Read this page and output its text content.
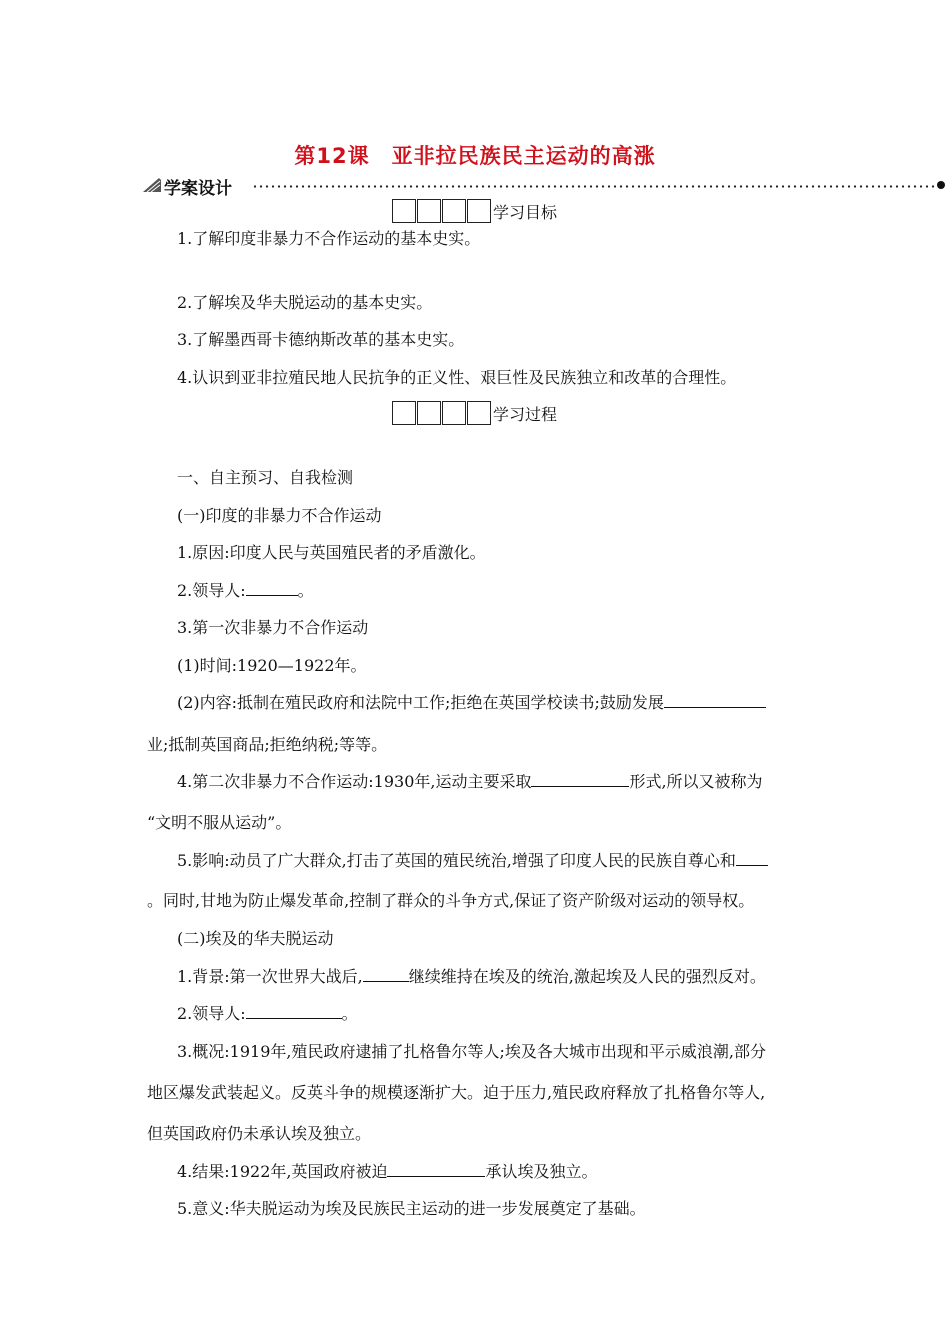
第12课　亚非拉民族民主运动的高涨
学案设计
学习目标
1.了解印度非暴力不合作运动的基本史实。
2.了解埃及华夫脱运动的基本史实。
3.了解墨西哥卡德纳斯改革的基本史实。
4.认识到亚非拉殖民地人民抗争的正义性、艰巨性及民族独立和改革的合理性。
学习过程
一、自主预习、自我检测
(一)印度的非暴力不合作运动
1.原因:印度人民与英国殖民者的矛盾激化。
2.领导人:	。
3.第一次非暴力不合作运动
(1)时间:1920—1922年。
(2)内容:抵制在殖民政府和法院中工作;拒绝在英国学校读书;鼓励发展
业;抵制英国商品;拒绝纳税;等等。
4.第二次非暴力不合作运动:1930年,运动主要采取	形式,所以又被称为
“文明不服从运动”。
5.影响:动员了广大群众,打击了英国的殖民统治,增强了印度人民的民族自尊心和
。同时,甘地为防止爆发革命,控制了群众的斗争方式,保证了资产阶级对运动的领导权。
(二)埃及的华夫脱运动
1.背景:第一次世界大战后,	继续维持在埃及的统治,激起埃及人民的强烈反对。
2.领导人:	。
3.概况:1919年,殖民政府逮捕了扎格鲁尔等人;埃及各大城市出现和平示威浪潮,部分
地区爆发武装起义。反英斗争的规模逐渐扩大。迫于压力,殖民政府释放了扎格鲁尔等人,
但英国政府仍未承认埃及独立。
4.结果:1922年,英国政府被迫	承认埃及独立。
5.意义:华夫脱运动为埃及民族民主运动的进一步发展奠定了基础。
